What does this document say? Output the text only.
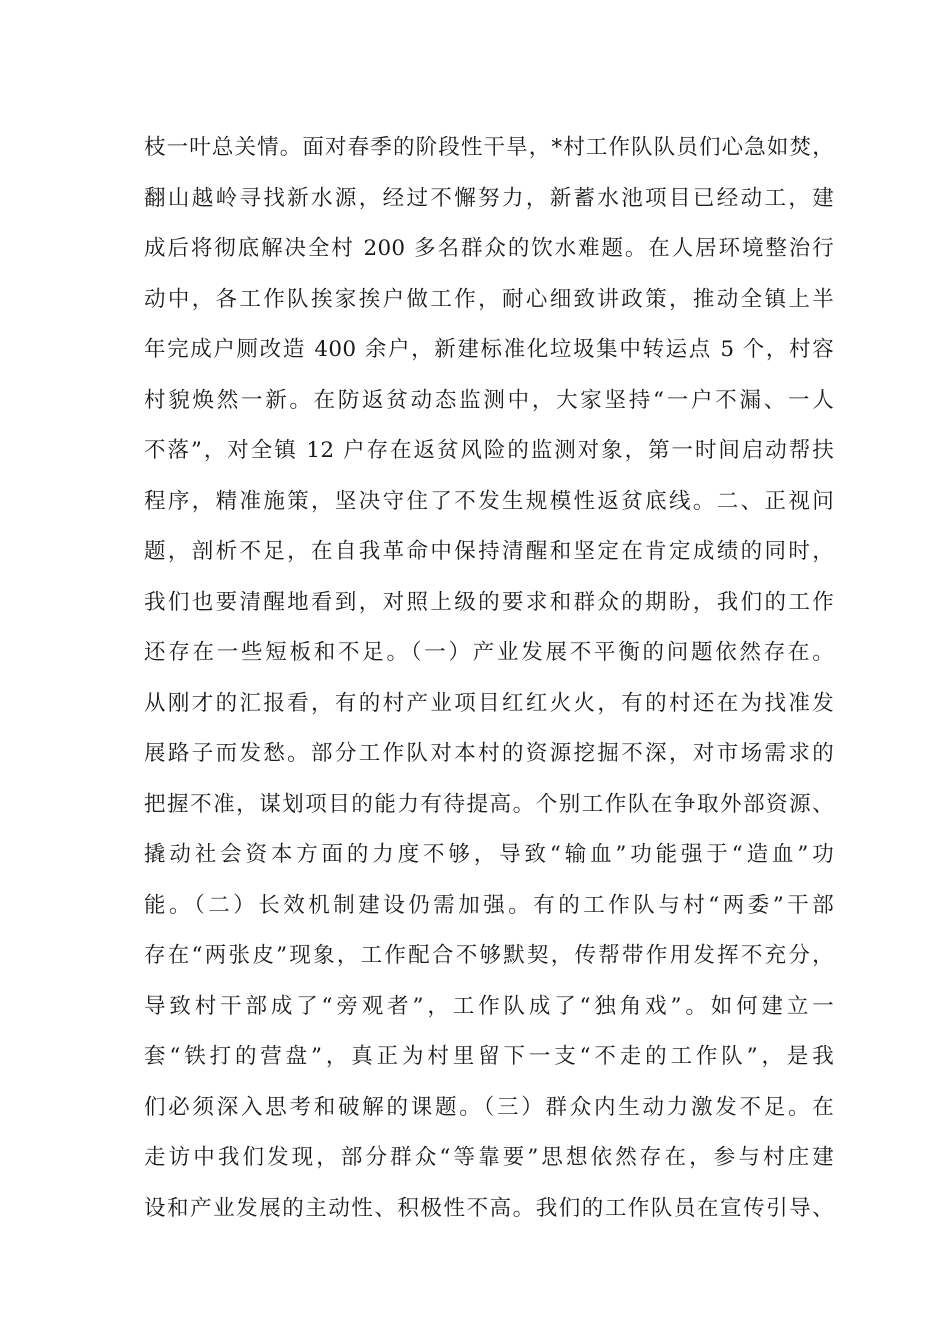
枝一叶总关情。面对春季的阶段性干旱，*村工作队队员们心急如焚，
翻山越岭寻找新水源，经过不懈努力，新蓄水池项目已经动工，建
成后将彻底解决全村 200 多名群众的饮水难题。在人居环境整治行
动中，各工作队挨家挨户做工作，耐心细致讲政策，推动全镇上半
年完成户厕改造 400 余户，新建标准化垃圾集中转运点 5 个，村容
村貌焕然一新。在防返贫动态监测中，大家坚持“一户不漏、一人
不落”，对全镇 12 户存在返贫风险的监测对象，第一时间启动帮扶
程序，精准施策，坚决守住了不发生规模性返贫底线。二、正视问
题，剖析不足，在自我革命中保持清醒和坚定在肯定成绩的同时，
我们也要清醒地看到，对照上级的要求和群众的期盼，我们的工作
还存在一些短板和不足。（一）产业发展不平衡的问题依然存在。
从刚才的汇报看，有的村产业项目红红火火，有的村还在为找准发
展路子而发愁。部分工作队对本村的资源挖掘不深，对市场需求的
把握不准，谋划项目的能力有待提高。个别工作队在争取外部资源、
撬动社会资本方面的力度不够，导致“输血”功能强于“造血”功
能。（二）长效机制建设仍需加强。有的工作队与村“两委”干部
存在“两张皮”现象，工作配合不够默契，传帮带作用发挥不充分，
导致村干部成了“旁观者”，工作队成了“独角戏”。如何建立一
套“铁打的营盘”，真正为村里留下一支“不走的工作队”，是我
们必须深入思考和破解的课题。（三）群众内生动力激发不足。在
走访中我们发现，部分群众“等靠要”思想依然存在，参与村庄建
设和产业发展的主动性、积极性不高。我们的工作队员在宣传引导、
